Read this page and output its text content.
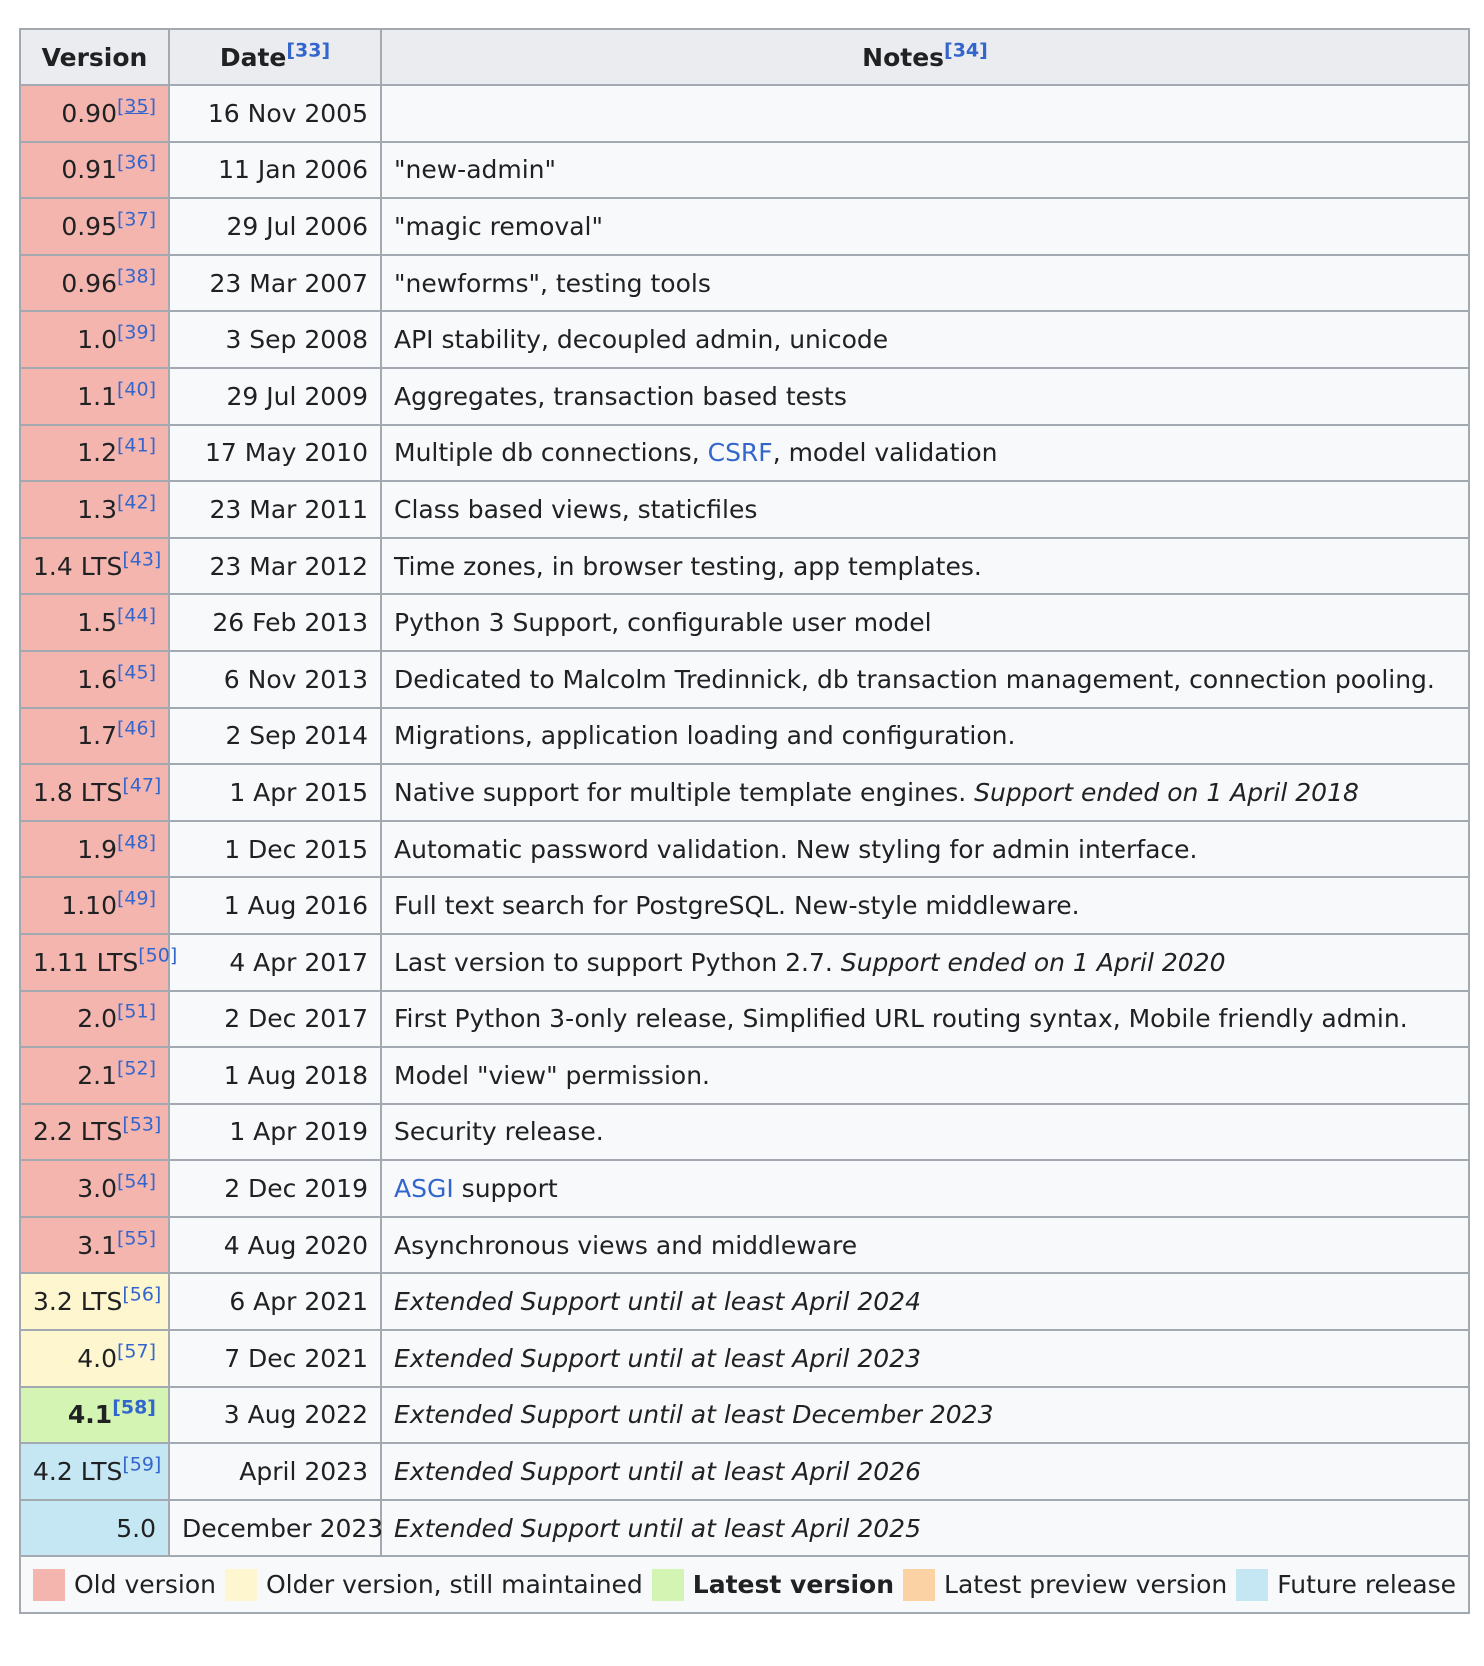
Version	Date[33]	Notes[34]
0.90[35]	16 Nov 2005	
0.91[36]	11 Jan 2006	"new-admin"
0.95[37]	29 Jul 2006	"magic removal"
0.96[38]	23 Mar 2007	"newforms", testing tools
1.0[39]	3 Sep 2008	API stability, decoupled admin, unicode
1.1[40]	29 Jul 2009	Aggregates, transaction based tests
1.2[41]	17 May 2010	Multiple db connections, CSRF, model validation
1.3[42]	23 Mar 2011	Class based views, staticfiles
1.4 LTS[43]	23 Mar 2012	Time zones, in browser testing, app templates.
1.5[44]	26 Feb 2013	Python 3 Support, configurable user model
1.6[45]	6 Nov 2013	Dedicated to Malcolm Tredinnick, db transaction management, connection pooling.
1.7[46]	2 Sep 2014	Migrations, application loading and configuration.
1.8 LTS[47]	1 Apr 2015	Native support for multiple template engines. Support ended on 1 April 2018
1.9[48]	1 Dec 2015	Automatic password validation. New styling for admin interface.
1.10[49]	1 Aug 2016	Full text search for PostgreSQL. New-style middleware.
1.11 LTS[50]	4 Apr 2017	Last version to support Python 2.7. Support ended on 1 April 2020
2.0[51]	2 Dec 2017	First Python 3-only release, Simplified URL routing syntax, Mobile friendly admin.
2.1[52]	1 Aug 2018	Model "view" permission.
2.2 LTS[53]	1 Apr 2019	Security release.
3.0[54]	2 Dec 2019	ASGI support
3.1[55]	4 Aug 2020	Asynchronous views and middleware
3.2 LTS[56]	6 Apr 2021	Extended Support until at least April 2024
4.0[57]	7 Dec 2021	Extended Support until at least April 2023
4.1[58]	3 Aug 2022	Extended Support until at least December 2023
4.2 LTS[59]	April 2023	Extended Support until at least April 2026
5.0	December 2023	Extended Support until at least April 2025

Old version Older version, still maintained Latest version Latest preview version Future release		
